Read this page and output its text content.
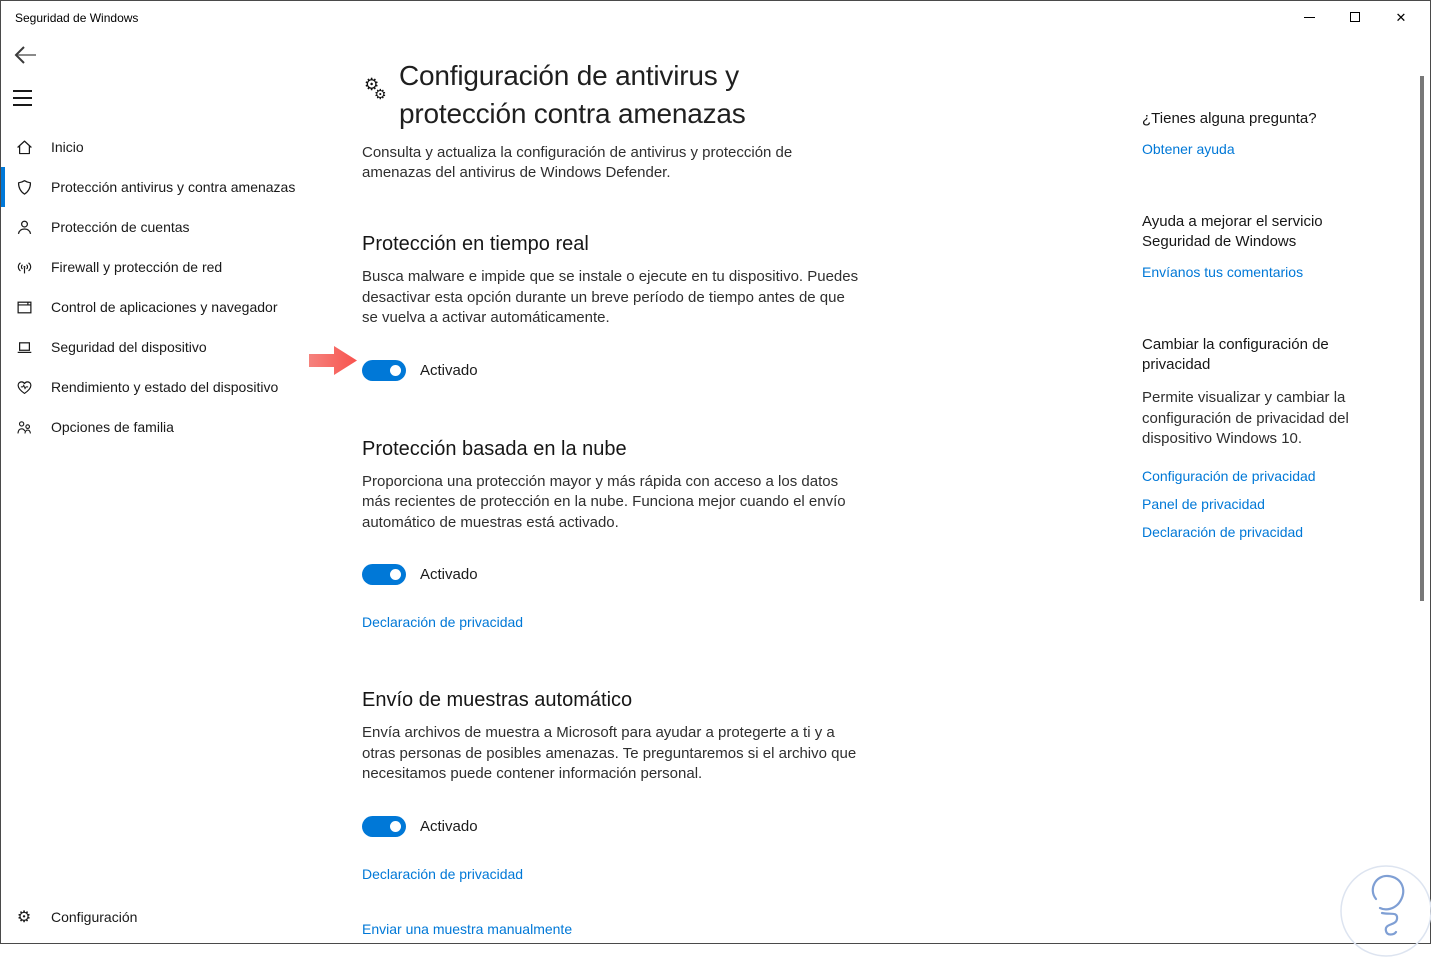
Seguridad de Windows	✕
Inicio
Protección antivirus y contra amenazas
Protección de cuentas
Firewall y protección de red
Control de aplicaciones y navegador
Seguridad del dispositivo
Rendimiento y estado del dispositivo
Opciones de familia
⚙ Configuración
⚙
⚙
Configuración de antivirus y protección contra amenazas

Consulta y actualiza la configuración de antivirus y protección de amenazas del antivirus de Windows Defender.

Protección en tiempo real

Busca malware e impide que se instale o ejecute en tu dispositivo. Puedes desactivar esta opción durante un breve período de tiempo antes de que se vuelva a activar automáticamente.

Activado
Protección basada en la nube

Proporciona una protección mayor y más rápida con acceso a los datos más recientes de protección en la nube. Funciona mejor cuando el envío automático de muestras está activado.

Activado
Declaración de privacidad
Envío de muestras automático

Envía archivos de muestra a Microsoft para ayudar a protegerte a ti y a otras personas de posibles amenazas. Te preguntaremos si el archivo que necesitamos puede contener información personal.

Activado
Declaración de privacidad
Enviar una muestra manualmente
¿Tienes alguna pregunta?
Obtener ayuda
Ayuda a mejorar el servicio Seguridad de Windows
Envíanos tus comentarios
Cambiar la configuración de privacidad

Permite visualizar y cambiar la configuración de privacidad del dispositivo Windows 10.

Configuración de privacidad
Panel de privacidad
Declaración de privacidad
